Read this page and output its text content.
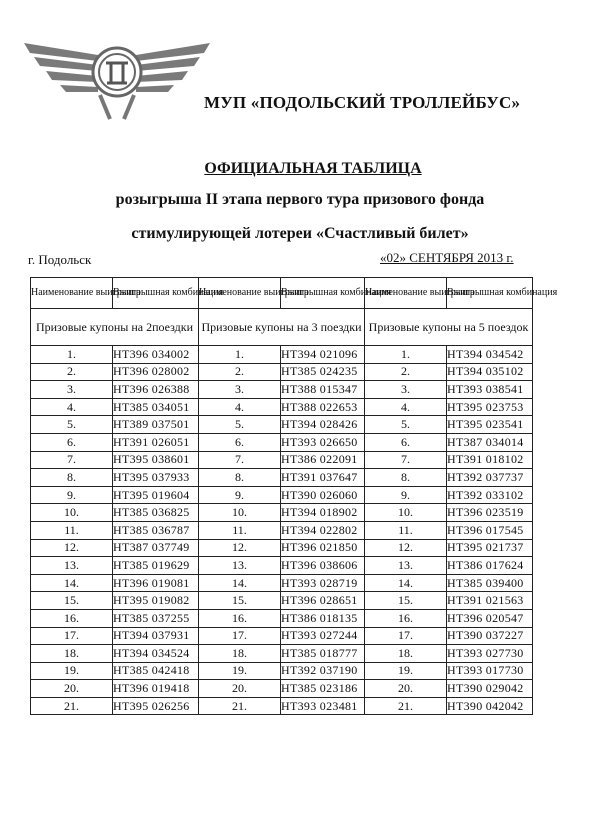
МУП «ПОДОЛЬСКИЙ ТРОЛЛЕЙБУС»
ОФИЦИАЛЬНАЯ ТАБЛИЦА
розыгрыша II этапа первого тура призового фонда
стимулирующей лотереи «Счастливый билет»
г. Подольск	«02» СЕНТЯБРЯ 2013 г.
Наименование выигрыша	Выигрышная комбинация	Наименование выигрыша	Выигрышная комбинация	Наименование выигрыша	Выигрышная комбинация
Призовые купоны на 2поездки		Призовые купоны на 3 поездки		Призовые купоны на 5 поездок	
1.	НТ396 034002	1.	НТ394 021096	1.	НТ394 034542
2.	НТ396 028002	2.	НТ385 024235	2.	НТ394 035102
3.	НТ396 026388	3.	НТ388 015347	3.	НТ393 038541
4.	НТ385 034051	4.	НТ388 022653	4.	НТ395 023753
5.	НТ389 037501	5.	НТ394 028426	5.	НТ395 023541
6.	НТ391 026051	6.	НТ393 026650	6.	НТ387 034014
7.	НТ395 038601	7.	НТ386 022091	7.	НТ391 018102
8.	НТ395 037933	8.	НТ391 037647	8.	НТ392 037737
9.	НТ395 019604	9.	НТ390 026060	9.	НТ392 033102
10.	НТ385 036825	10.	НТ394 018902	10.	НТ396 023519
11.	НТ385 036787	11.	НТ394 022802	11.	НТ396 017545
12.	НТ387 037749	12.	НТ396 021850	12.	НТ395 021737
13.	НТ385 019629	13.	НТ396 038606	13.	НТ386 017624
14.	НТ396 019081	14.	НТ393 028719	14.	НТ385 039400
15.	НТ395 019082	15.	НТ396 028651	15.	НТ391 021563
16.	НТ385 037255	16.	НТ386 018135	16.	НТ396 020547
17.	НТ394 037931	17.	НТ393 027244	17.	НТ390 037227
18.	НТ394 034524	18.	НТ385 018777	18.	НТ393 027730
19.	НТ385 042418	19.	НТ392 037190	19.	НТ393 017730
20.	НТ396 019418	20.	НТ385 023186	20.	НТ390 029042
21.	НТ395 026256	21.	НТ393 023481	21.	НТ390 042042
